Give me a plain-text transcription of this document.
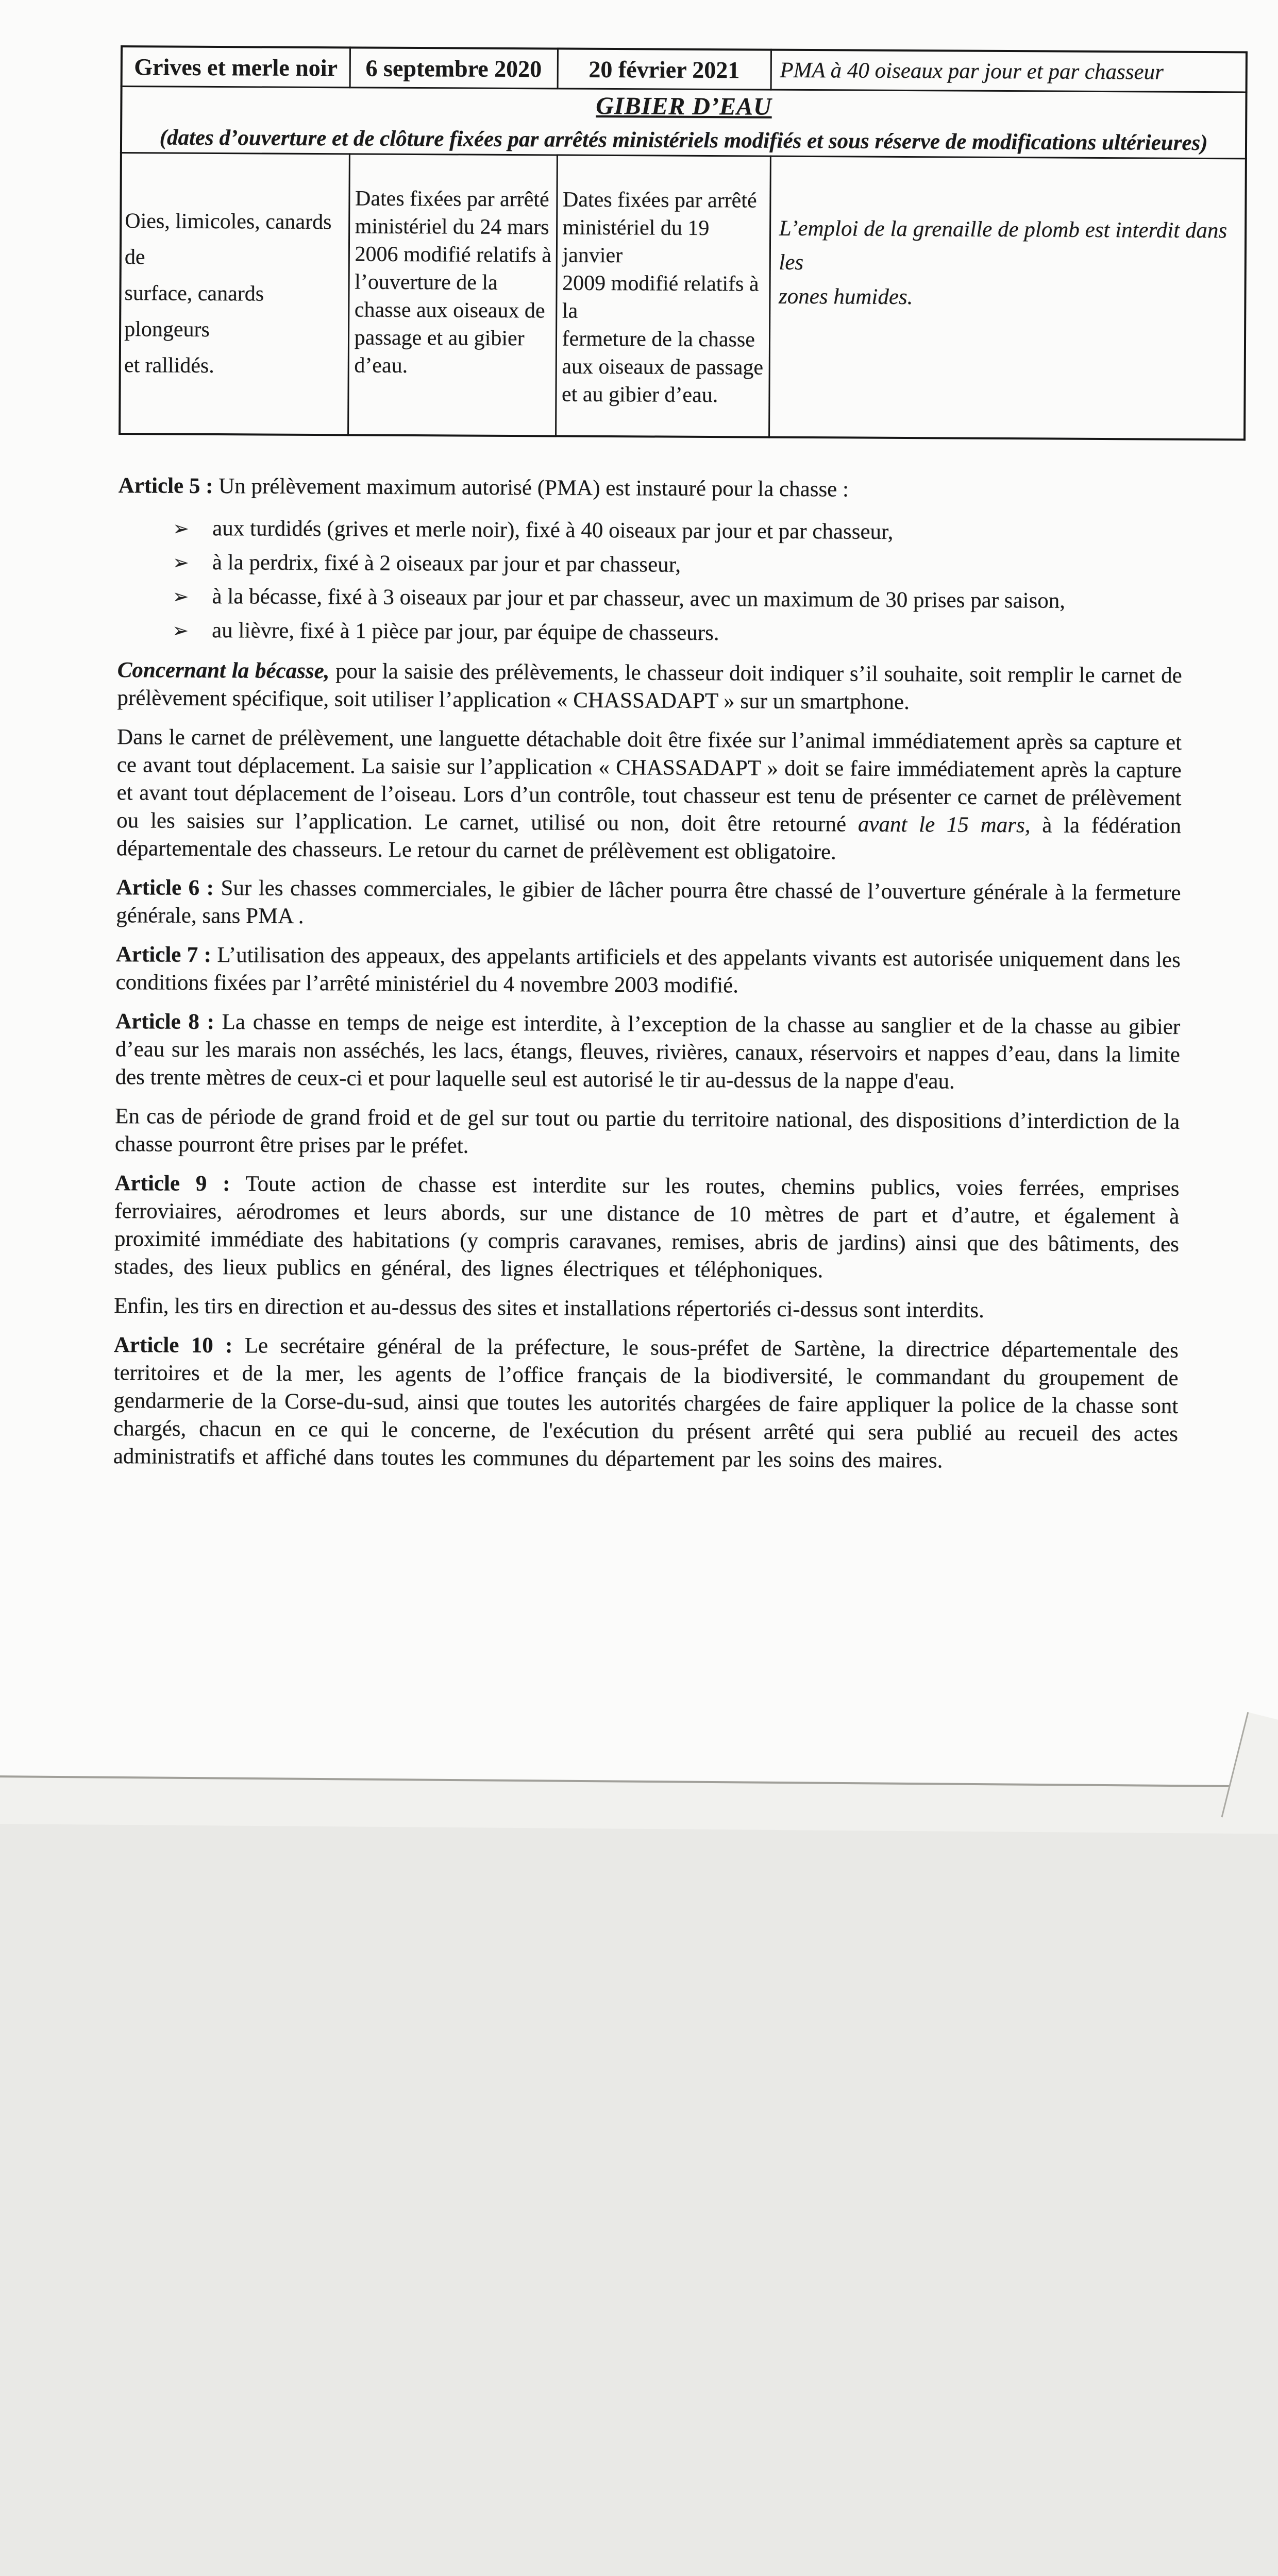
Grives et merle noir	6 septembre 2020	20 février 2021	PMA à 40 oiseaux par jour et par chasseur

GIBIER D’EAU
(dates d’ouverture et de clôture fixées par arrêtés ministériels modifiés et sous réserve de modifications ultérieures)			

Oies, limicoles, canards de
surface, canards plongeurs
et rallidés.	Dates fixées par arrêté
ministériel du 24 mars
2006 modifié relatifs à
l’ouverture de la
chasse aux oiseaux de
passage et au gibier
d’eau.	Dates fixées par arrêté
ministériel du 19 janvier
2009 modifié relatifs à la
fermeture de la chasse
aux oiseaux de passage
et au gibier d’eau.	L’emploi de la grenaille de plomb est interdit dans les
zones humides.

Article 5 : Un prélèvement maximum autorisé (PMA) est instauré pour la chasse :

➢	aux turdidés (grives et merle noir), fixé à 40 oiseaux par jour et par chasseur,
➢	à la perdrix, fixé à 2 oiseaux par jour et par chasseur,
➢	à la bécasse, fixé à 3 oiseaux par jour et par chasseur, avec un maximum de 30 prises par saison,
➢	au lièvre, fixé à 1 pièce par jour, par équipe de chasseurs.

Concernant la bécasse, pour la saisie des prélèvements, le chasseur doit indiquer s’il souhaite, soit remplir le carnet de prélèvement spécifique, soit utiliser l’application « CHASSADAPT » sur un smartphone.

Dans le carnet de prélèvement, une languette détachable doit être fixée sur l’animal immédiatement après sa capture et ce avant tout déplacement. La saisie sur l’application « CHASSADAPT » doit se faire immédiatement après la capture et avant tout déplacement de l’oiseau. Lors d’un contrôle, tout chasseur est tenu de présenter ce carnet de prélèvement ou les saisies sur l’application. Le carnet, utilisé ou non, doit être retourné avant le 15 mars, à la fédération départementale des chasseurs. Le retour du carnet de prélèvement est obligatoire.

Article 6 : Sur les chasses commerciales, le gibier de lâcher pourra être chassé de l’ouverture générale à la fermeture générale, sans PMA .

Article 7 : L’utilisation des appeaux, des appelants artificiels et des appelants vivants est autorisée uniquement dans les conditions fixées par l’arrêté ministériel du 4 novembre 2003 modifié.

Article 8 : La chasse en temps de neige est interdite, à l’exception de la chasse au sanglier et de la chasse au gibier d’eau sur les marais non asséchés, les lacs, étangs, fleuves, rivières, canaux, réservoirs et nappes d’eau, dans la limite des trente mètres de ceux-ci et pour laquelle seul est autorisé le tir au-dessus de la nappe d'eau.

En cas de période de grand froid et de gel sur tout ou partie du territoire national, des dispositions d’interdiction de la chasse pourront être prises par le préfet.

Article 9 : Toute action de chasse est interdite sur les routes, chemins publics, voies ferrées, emprises ferroviaires, aérodromes et leurs abords, sur une distance de 10 mètres de part et d’autre, et également à proximité immédiate des habitations (y compris caravanes, remises, abris de jardins) ainsi que des bâtiments, des stades, des lieux publics en général, des lignes électriques et téléphoniques.

Enfin, les tirs en direction et au-dessus des sites et installations répertoriés ci-dessus sont interdits.

Article 10 : Le secrétaire général de la préfecture, le sous-préfet de Sartène, la directrice départementale des territoires et de la mer, les agents de l’office français de la biodiversité, le commandant du groupement de gendarmerie de la Corse-du-sud, ainsi que toutes les autorités chargées de faire appliquer la police de la chasse sont chargés, chacun en ce qui le concerne, de l'exécution du présent arrêté qui sera publié au recueil des actes administratifs et affiché dans toutes les communes du département par les soins des maires.
